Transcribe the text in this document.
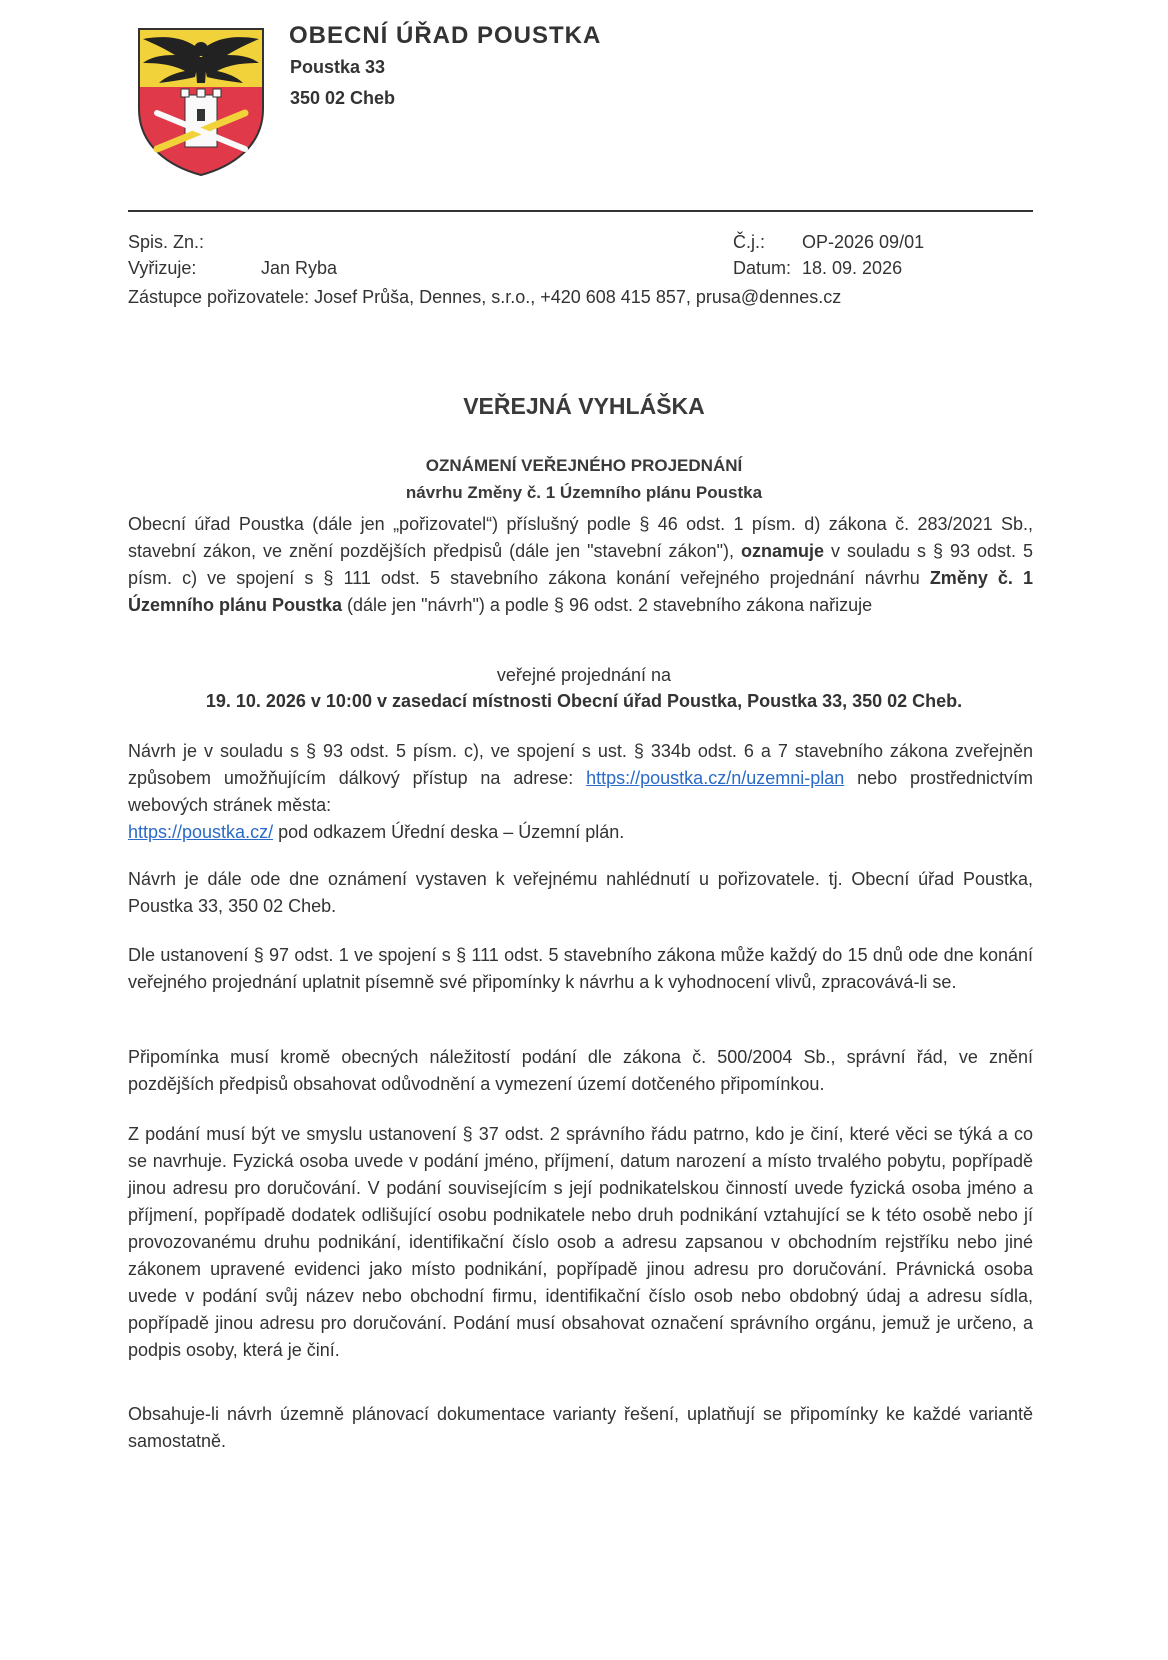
OBECNÍ ÚŘAD POUSTKA
Poustka 33
350 02 Cheb
Spis. Zn.:
Vyřizuje:	Jan Ryba
Č.j.: OP-2026 09/01
Datum: 18. 09. 2026
Zástupce pořizovatele: Josef Průša, Dennes, s.r.o., +420 608 415 857, prusa@dennes.cz
VEŘEJNÁ VYHLÁŠKA
OZNÁMENÍ VEŘEJNÉHO PROJEDNÁNÍ
návrhu Změny č. 1 Územního plánu Poustka
Obecní úřad Poustka (dále jen „pořizovatel“) příslušný podle § 46 odst. 1 písm. d) zákona č. 283/2021 Sb., stavební zákon, ve znění pozdějších předpisů (dále jen "stavební zákon"), oznamuje v souladu s § 93 odst. 5 písm. c) ve spojení s § 111 odst. 5 stavebního zákona konání veřejného projednání návrhu Změny č. 1 Územního plánu Poustka (dále jen "návrh") a podle § 96 odst. 2 stavebního zákona nařizuje
veřejné projednání na
19. 10. 2026 v 10:00 v zasedací místnosti Obecní úřad Poustka, Poustka 33, 350 02 Cheb.
Návrh je v souladu s § 93 odst. 5 písm. c), ve spojení s ust. § 334b odst. 6 a 7 stavebního zákona zveřejněn způsobem umožňujícím dálkový přístup na adrese: https://poustka.cz/n/uzemni-plan nebo prostřednictvím webových stránek města:
https://poustka.cz/ pod odkazem Úřední deska – Územní plán.
Návrh je dále ode dne oznámení vystaven k veřejnému nahlédnutí u pořizovatele. tj. Obecní úřad Poustka, Poustka 33, 350 02 Cheb.
Dle ustanovení § 97 odst. 1 ve spojení s § 111 odst. 5 stavebního zákona může každý do 15 dnů ode dne konání veřejného projednání uplatnit písemně své připomínky k návrhu a k vyhodnocení vlivů, zpracovává-li se.
Připomínka musí kromě obecných náležitostí podání dle zákona č. 500/2004 Sb., správní řád, ve znění pozdějších předpisů obsahovat odůvodnění a vymezení území dotčeného připomínkou.
Z podání musí být ve smyslu ustanovení § 37 odst. 2 správního řádu patrno, kdo je činí, které věci se týká a co se navrhuje. Fyzická osoba uvede v podání jméno, příjmení, datum narození a místo trvalého pobytu, popřípadě jinou adresu pro doručování. V podání souvisejícím s její podnikatelskou činností uvede fyzická osoba jméno a příjmení, popřípadě dodatek odlišující osobu podnikatele nebo druh podnikání vztahující se k této osobě nebo jí provozovanému druhu podnikání, identifikační číslo osob a adresu zapsanou v obchodním rejstříku nebo jiné zákonem upravené evidenci jako místo podnikání, popřípadě jinou adresu pro doručování. Právnická osoba uvede v podání svůj název nebo obchodní firmu, identifikační číslo osob nebo obdobný údaj a adresu sídla, popřípadě jinou adresu pro doručování. Podání musí obsahovat označení správního orgánu, jemuž je určeno, a podpis osoby, která je činí.
Obsahuje-li návrh územně plánovací dokumentace varianty řešení, uplatňují se připomínky ke každé variantě samostatně.
